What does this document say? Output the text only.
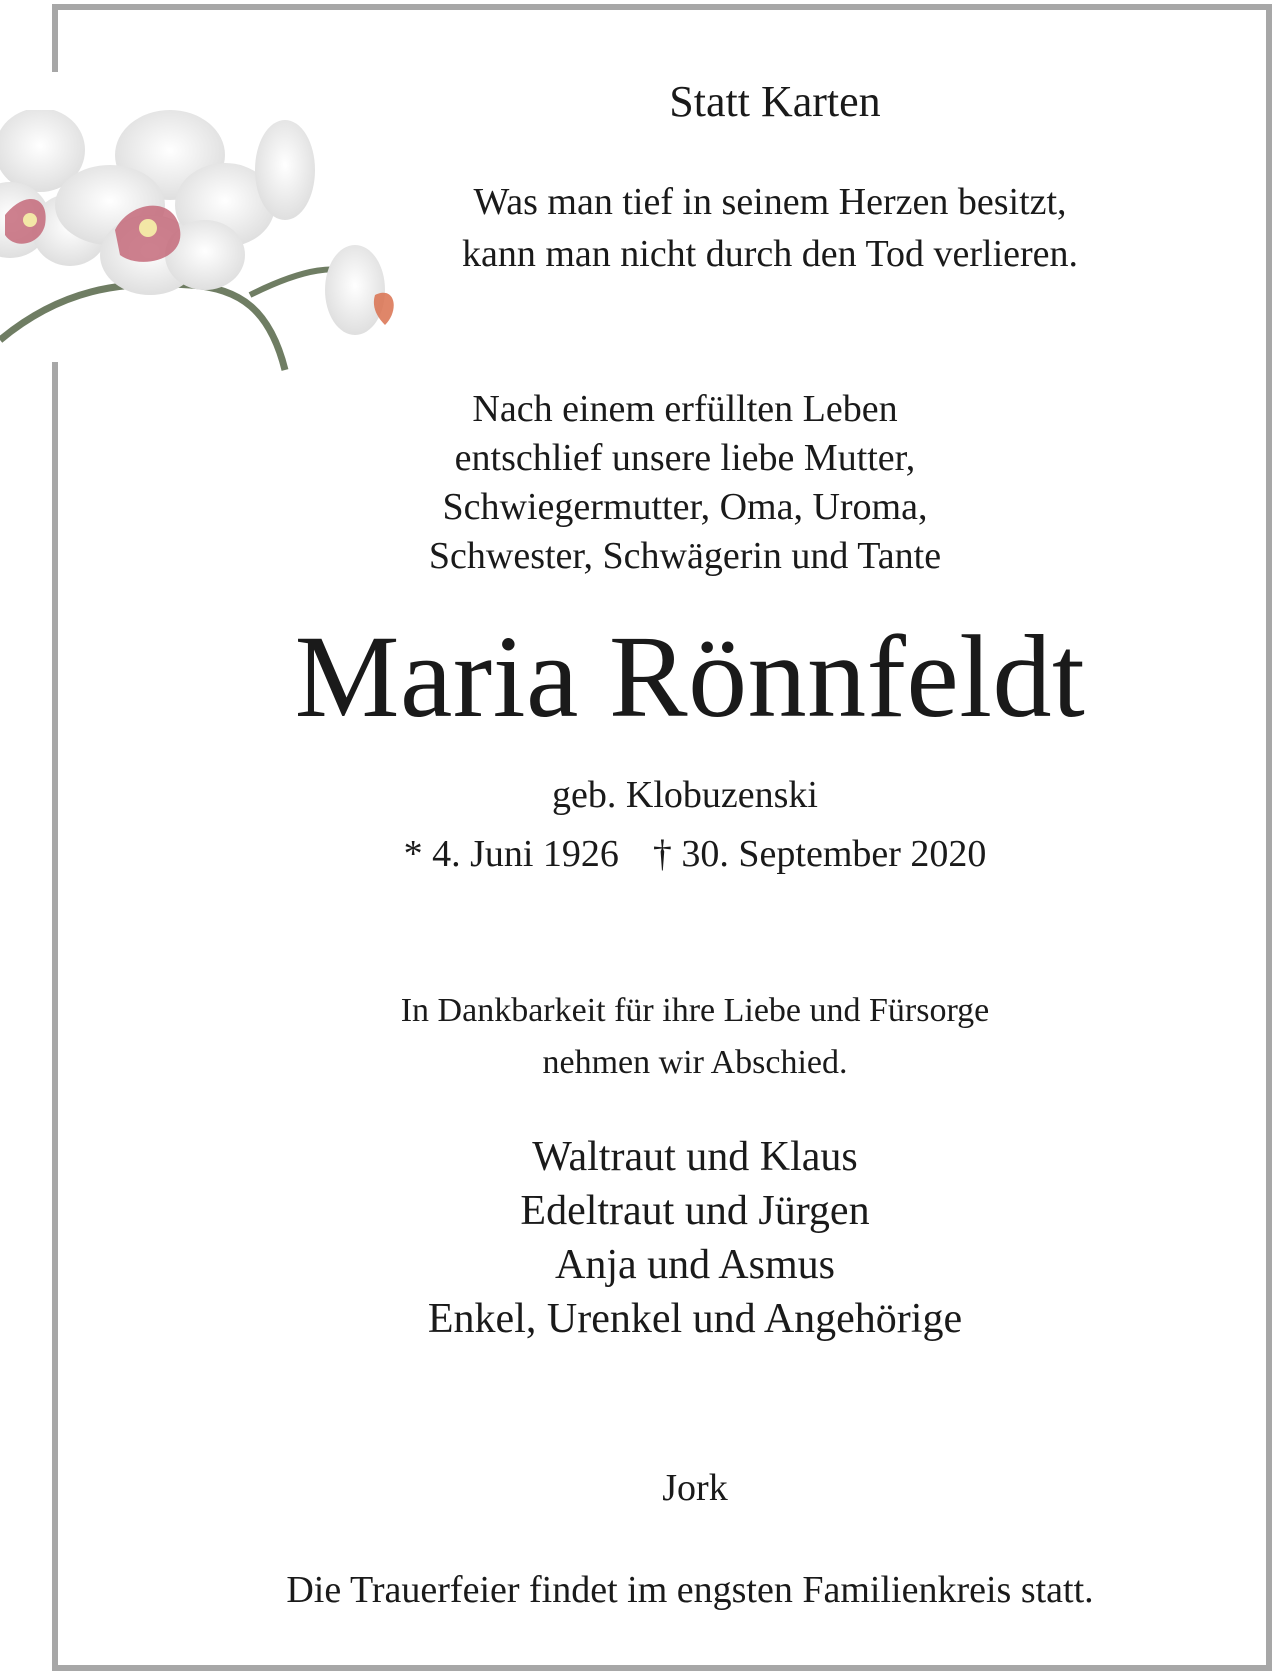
Statt Karten
Was man tief in seinem Herzen besitzt,
kann man nicht durch den Tod verlieren.
Nach einem erfüllten Leben
entschlief unsere liebe Mutter,
Schwiegermutter, Oma, Uroma,
Schwester, Schwägerin und Tante
Maria Rönnfeldt
geb. Klobuzenski
* 4. Juni 1926 † 30. September 2020
In Dankbarkeit für ihre Liebe und Fürsorge
nehmen wir Abschied.
Waltraut und Klaus
Edeltraut und Jürgen
Anja und Asmus
Enkel, Urenkel und Angehörige
Jork
Die Trauerfeier findet im engsten Familienkreis statt.
